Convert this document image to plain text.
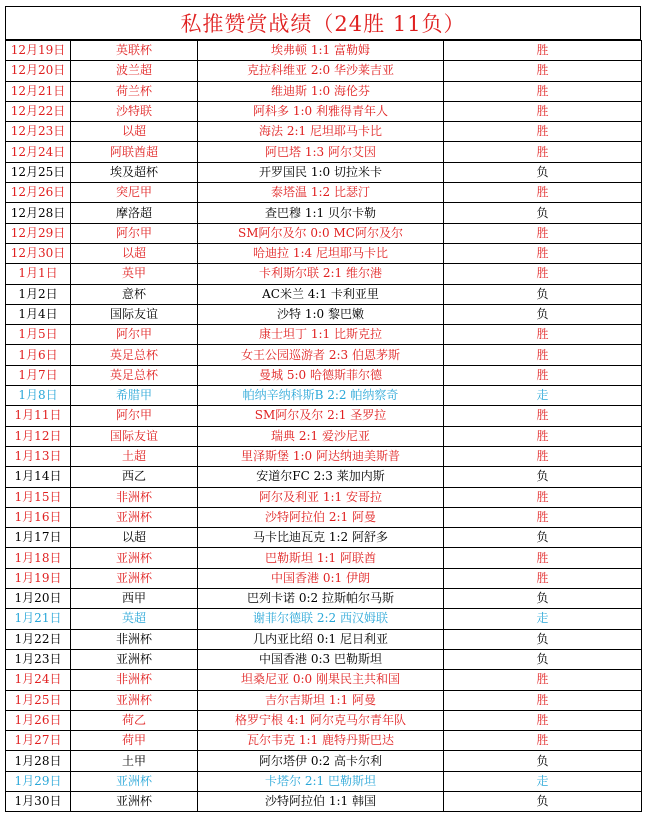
私推赞赏战绩（24胜 11负）
12月19日	英联杯	埃弗顿 1:1 富勒姆	胜
12月20日	波兰超	克拉科维亚 2:0 华沙莱吉亚	胜
12月21日	荷兰杯	维迪斯 1:0 海伦芬	胜
12月22日	沙特联	阿科多 1:0 利雅得青年人	胜
12月23日	以超	海法 2:1 尼坦耶马卡比	胜
12月24日	阿联酋超	阿巴塔 1:3 阿尔艾因	胜
12月25日	埃及超杯	开罗国民 1:0 切拉米卡	负
12月26日	突尼甲	泰塔温 1:2 比瑟汀	胜
12月28日	摩洛超	查巴穆 1:1 贝尔卡勒	负
12月29日	阿尔甲	SM阿尔及尔 0:0 MC阿尔及尔	胜
12月30日	以超	哈迪拉 1:4 尼坦耶马卡比	胜
1月1日	英甲	卡利斯尔联 2:1 维尔港	胜
1月2日	意杯	AC米兰 4:1 卡利亚里	负
1月4日	国际友谊	沙特 1:0 黎巴嫩	负
1月5日	阿尔甲	康士坦丁 1:1 比斯克拉	胜
1月6日	英足总杯	女王公园巡游者 2:3 伯恩茅斯	胜
1月7日	英足总杯	曼城 5:0 哈德斯菲尔德	胜
1月8日	希腊甲	帕纳辛纳科斯B 2:2 帕纳察奇	走
1月11日	阿尔甲	SM阿尔及尔 2:1 圣罗拉	胜
1月12日	国际友谊	瑞典 2:1 爱沙尼亚	胜
1月13日	土超	里泽斯堡 1:0 阿达纳迪美斯普	胜
1月14日	西乙	安道尔FC 2:3 莱加内斯	负
1月15日	非洲杯	阿尔及利亚 1:1 安哥拉	胜
1月16日	亚洲杯	沙特阿拉伯 2:1 阿曼	胜
1月17日	以超	马卡比迪瓦克 1:2 阿舒多	负
1月18日	亚洲杯	巴勒斯坦 1:1 阿联酋	胜
1月19日	亚洲杯	中国香港 0:1 伊朗	胜
1月20日	西甲	巴列卡诺 0:2 拉斯帕尔马斯	负
1月21日	英超	谢菲尔德联 2:2 西汉姆联	走
1月22日	非洲杯	几内亚比绍 0:1 尼日利亚	负
1月23日	亚洲杯	中国香港 0:3 巴勒斯坦	负
1月24日	非洲杯	坦桑尼亚 0:0 刚果民主共和国	胜
1月25日	亚洲杯	吉尔吉斯坦 1:1 阿曼	胜
1月26日	荷乙	格罗宁根 4:1 阿尔克马尔青年队	胜
1月27日	荷甲	瓦尔韦克 1:1 鹿特丹斯巴达	胜
1月28日	土甲	阿尔塔伊 0:2 高卡尔利	负
1月29日	亚洲杯	卡塔尔 2:1 巴勒斯坦	走
1月30日	亚洲杯	沙特阿拉伯 1:1 韩国	负
